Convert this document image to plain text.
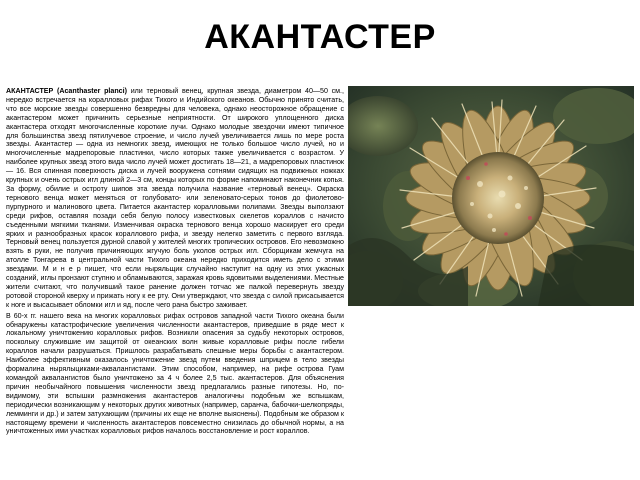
АКАНТАСТЕР

АКАНТАСТЕР (Acanthaster planci) или терновый венец, крупная звезда, диаметром 40—50 см., нередко встречается на коралловых рифах Тихого и Индийского океанов. Обычно принято считать, что все морские звезды совершенно безвредны для человека, однако неосторожное обращение с акантастером может причинить серьезные неприятности. От широкого уплощенного диска акантастера отходят многочисленные короткие лучи. Однако молодые звездочки имеют типичное для большинства звезд пятилучевое строение, и число лучей увеличивается лишь по мере роста звезды. Акантастер — одна из немногих звезд, имеющих не только большое число лучей, но и многочисленные мадрепоровые пластинки, число которых также увеличивается с возрастом. У наиболее крупных звезд этого вида число лучей может достигать 18—21, а мадрепоровых пластинок — 16. Вся спинная поверхность диска и лучей вооружена сотнями сидящих на подвижных ножках крупных и очень острых игл длиной 2—3 см, концы которых по форме напоминают наконечник копья. За форму, обилие и остроту шипов эта звезда получила название «терновый венец». Окраска тернового венца может меняться от голубовато- или зеленовато-серых тонов до фиолетово-пурпурного и малинового цвета. Питается акантастер коралловыми полипами. Звезды выползают среди рифов, оставляя позади себя белую полосу известковых скелетов кораллов с начисто съеденными мягкими тканями. Изменчивая окраска тернового венца хорошо маскирует его среди ярких и разнообразных красок кораллового рифа, и звезду нелегко заметить с первого взгляда. Терновый венец пользуется дурной славой у жителей многих тропических островов. Его невозможно взять в руки, не получив причиняющих жгучую боль уколов острых игл. Сборщикам жемчуга на атолле Тонгарева в центральной части Тихого океана нередко приходится иметь дело с этими звездами. М и н е р пишет, что если ныряльщик случайно наступит на одну из этих ужасных созданий, иглы пронзают ступню и обламываются, заражая кровь ядовитыми выделениями. Местные жители считают, что получивший такое ранение должен тотчас же палкой перевернуть звезду ротовой стороной кверху и прижать ногу к ее рту. Они утверждают, что звезда с силой присасывается к ноге и высасывает обломки игл и яд, после чего рана быстро заживает.

В 60-х гг. нашего века на многих коралловых рифах островов западной части Тихого океана были обнаружены катастрофические увеличения численности акантастеров, приведшие в ряде мест к локальному уничтожению коралловых рифов. Возникли опасения за судьбу некоторых островов, поскольку служившие им защитой от океанских волн живые коралловые рифы после гибели кораллов начали разрушаться. Пришлось разрабатывать спешные меры борьбы с акантастером. Наиболее эффективным оказалось уничтожение звезд путем введения шприцем в тело звезды формалина нырялыциками-аквалангистами. Этим способом, например, на рифе острова Гуам командой аквалангистов было уничтожено за 4 ч более 2,5 тыс. акантастеров. Для объяснения причин необычайного повышения численности звезд предлагались разные гипотезы. Но, по-видимому, эти вспышки размножения акантастеров аналогичны подобным же вспышкам, периодически возникающим у некоторых других животных (например, саранча, бабочки-шелкопряды, лемминги и др.) и затем затухающим (причины их еще не вполне выяснены). Подобным же образом к настоящему времени и численность акантастеров повсеместно снизилась до обычной нормы, а на уничтоженных ими участках коралловых рифов началось восстановление и рост кораллов.
